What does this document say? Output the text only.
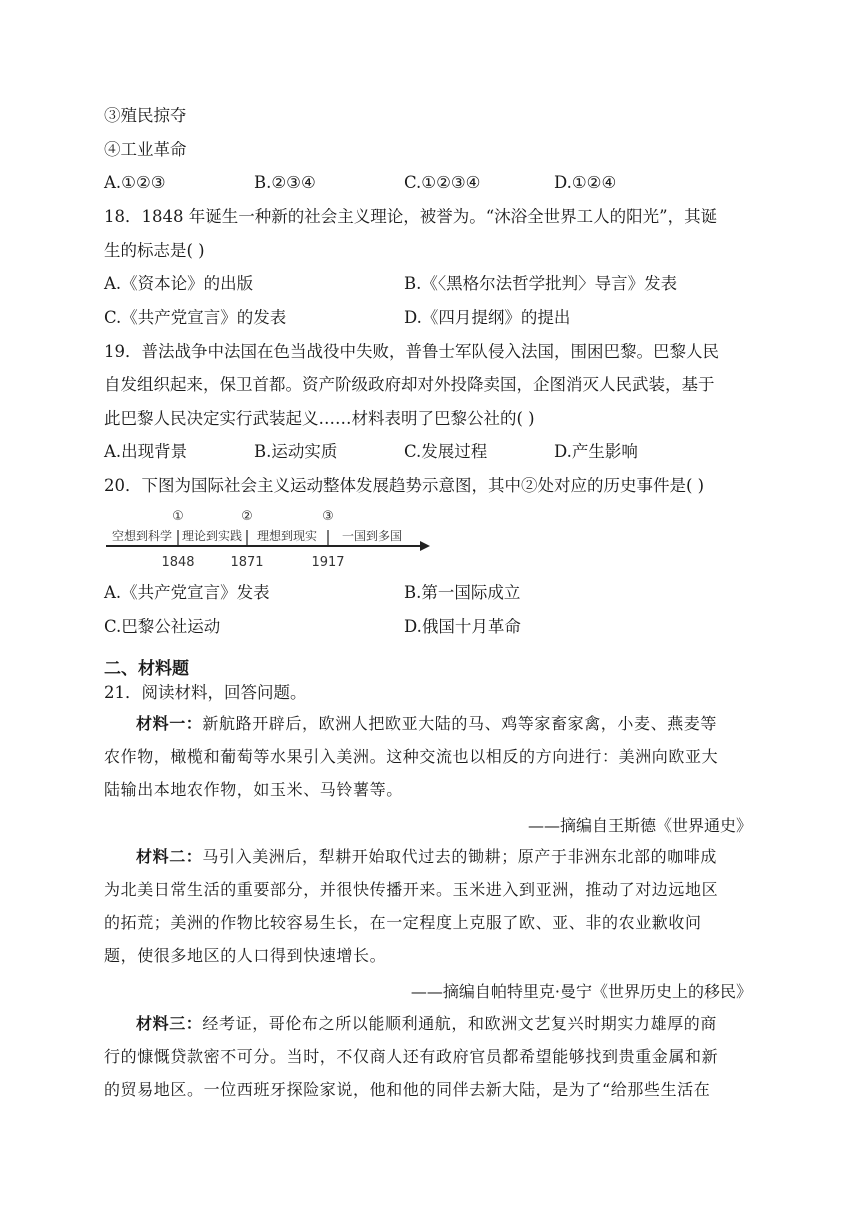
③殖民掠夺
④工业革命
A.①②③	B.②③④	C.①②③④	D.①②④
18．1848 年诞生一种新的社会主义理论，被誉为。“沐浴全世界工人的阳光”，其诞
生的标志是( )
A.《资本论》的出版	B.《〈黑格尔法哲学批判〉导言》发表
C.《共产党宣言》的发表	D.《四月提纲》的提出
19．普法战争中法国在色当战役中失败，普鲁士军队侵入法国，围困巴黎。巴黎人民
自发组织起来，保卫首都。资产阶级政府却对外投降卖国，企图消灭人民武装，基于
此巴黎人民决定实行武装起义……材料表明了巴黎公社的( )
A.出现背景	B.运动实质	C.发展过程	D.产生影响
20．下图为国际社会主义运动整体发展趋势示意图，其中②处对应的历史事件是( )
空想到科学 理论到实践 理想到现实 一国到多国
1848	1871	1917
①	②	③
A.《共产党宣言》发表	B.第一国际成立
C.巴黎公社运动	D.俄国十月革命
二、材料题
21．阅读材料，回答问题。
材料一：新航路开辟后，欧洲人把欧亚大陆的马、鸡等家畜家禽，小麦、燕麦等
农作物，橄榄和葡萄等水果引入美洲。这种交流也以相反的方向进行：美洲向欧亚大
陆输出本地农作物，如玉米、马铃薯等。
——摘编自王斯德《世界通史》
材料二：马引入美洲后，犁耕开始取代过去的锄耕；原产于非洲东北部的咖啡成
为北美日常生活的重要部分，并很快传播开来。玉米进入到亚洲，推动了对边远地区
的拓荒；美洲的作物比较容易生长，在一定程度上克服了欧、亚、非的农业歉收问
题，使很多地区的人口得到快速增长。
——摘编自帕特里克·曼宁《世界历史上的移民》
材料三：经考证，哥伦布之所以能顺利通航，和欧洲文艺复兴时期实力雄厚的商
行的慷慨贷款密不可分。当时，不仅商人还有政府官员都希望能够找到贵重金属和新
的贸易地区。一位西班牙探险家说，他和他的同伴去新大陆，是为了“给那些生活在
